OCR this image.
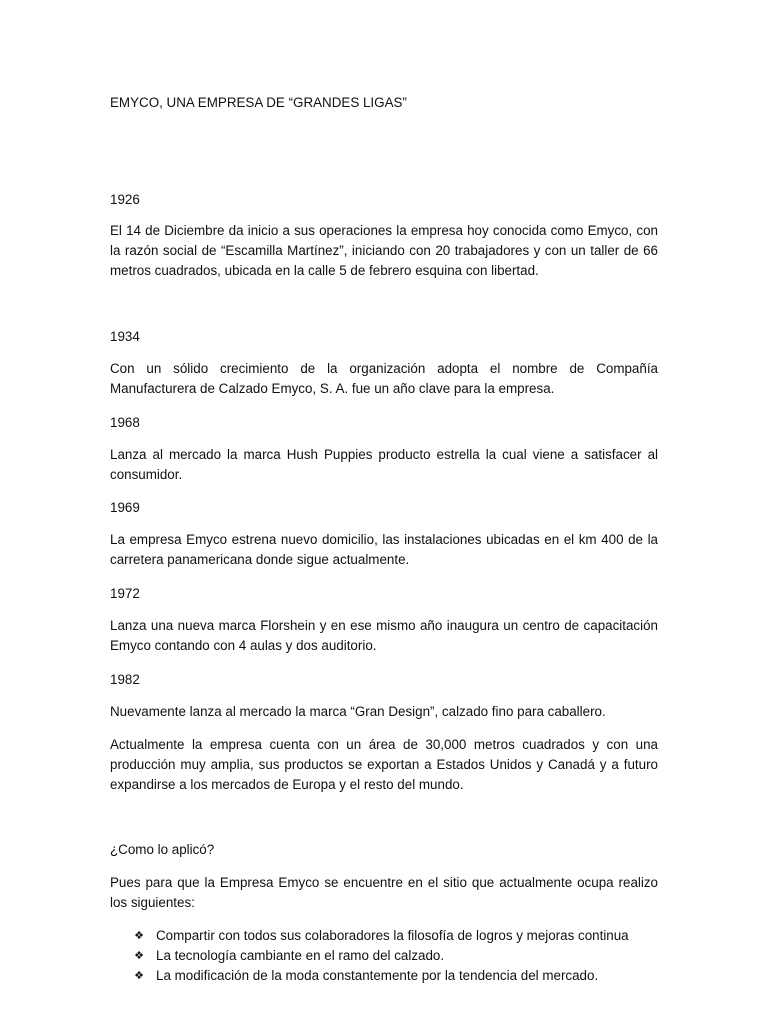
EMYCO, UNA EMPRESA DE “GRANDES LIGAS”

1926

El 14 de Diciembre da inicio a sus operaciones la empresa hoy conocida como Emyco, con la razón social de “Escamilla Martínez”, iniciando con 20 trabajadores y con un taller de 66 metros cuadrados, ubicada en la calle 5 de febrero esquina con libertad.

1934

Con un sólido crecimiento de la organización adopta el nombre de Compañía Manufacturera de Calzado Emyco, S. A. fue un año clave para la empresa.

1968

Lanza al mercado la marca Hush Puppies producto estrella la cual viene a satisfacer al consumidor.

1969

La empresa Emyco estrena nuevo domicilio, las instalaciones ubicadas en el km 400 de la carretera panamericana donde sigue actualmente.

1972

Lanza una nueva marca Florshein y en ese mismo año inaugura un centro de capacitación Emyco contando con 4 aulas y dos auditorio.

1982

Nuevamente lanza al mercado la marca “Gran Design”, calzado fino para caballero.

Actualmente la empresa cuenta con un área de 30,000 metros cuadrados y con una producción muy amplia, sus productos se exportan a Estados Unidos y Canadá y a futuro expandirse a los mercados de Europa y el resto del mundo.

¿Como lo aplicó?

Pues para que la Empresa Emyco se encuentre en el sitio que actualmente ocupa realizo los siguientes:

❖ Compartir con todos sus colaboradores la filosofía de logros y mejoras continua
❖ La tecnología cambiante en el ramo del calzado.
❖ La modificación de la moda constantemente por la tendencia del mercado.
